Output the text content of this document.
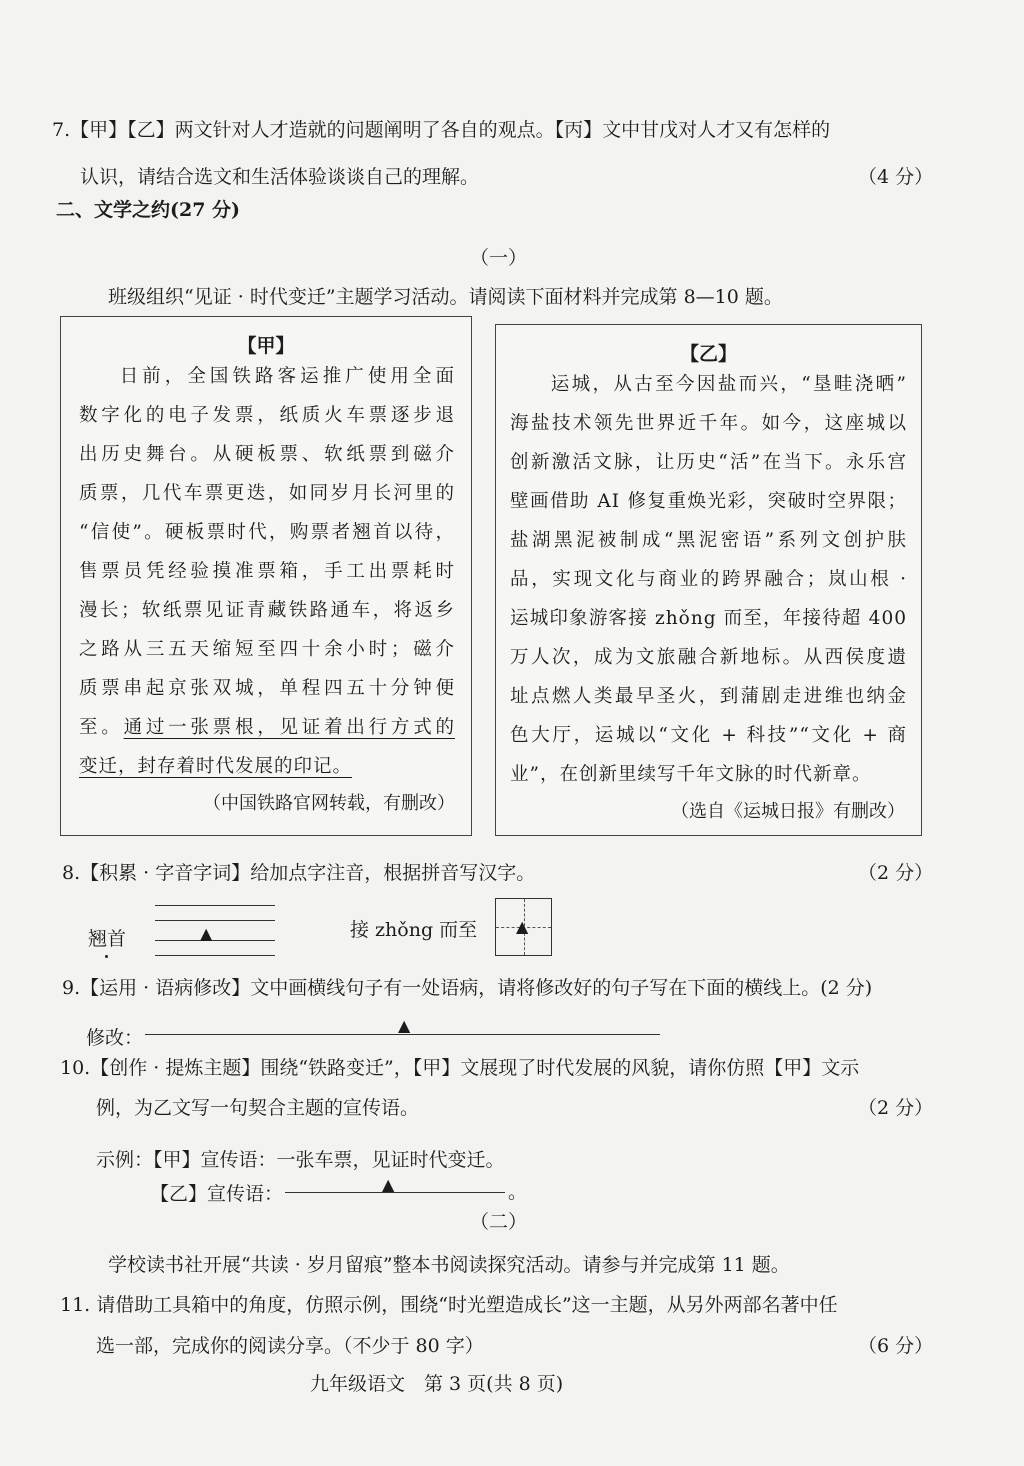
7.【甲】【乙】两文针对人才造就的问题阐明了各自的观点。【丙】文中甘戊对人才又有怎样的
认识，请结合选文和生活体验谈谈自己的理解。	（4 分）
二、文学之约(27 分)
（一）
班级组织“见证 · 时代变迁”主题学习活动。请阅读下面材料并完成第 8—10 题。
【甲】
日前，全国铁路客运推广使用全面
数字化的电子发票，纸质火车票逐步退
出历史舞台。从硬板票、软纸票到磁介
质票，几代车票更迭，如同岁月长河里的
“信使”。硬板票时代，购票者翘首以待，
售票员凭经验摸准票箱，手工出票耗时
漫长；软纸票见证青藏铁路通车，将返乡
之路从三五天缩短至四十余小时；磁介
质票串起京张双城，单程四五十分钟便
至。通过一张票根，见证着出行方式的
变迁，封存着时代发展的印记。
（中国铁路官网转载，有删改）
【乙】
运城，从古至今因盐而兴，“垦畦浇晒”
海盐技术领先世界近千年。如今，这座城以
创新激活文脉，让历史“活”在当下。永乐宫
壁画借助 AI 修复重焕光彩，突破时空界限；
盐湖黑泥被制成“黑泥密语”系列文创护肤
品，实现文化与商业的跨界融合；岚山根 ·
运城印象游客接 zhǒng 而至，年接待超 400
万人次，成为文旅融合新地标。从西侯度遗
址点燃人类最早圣火，到蒲剧走进维也纳金
色大厅，运城以“文化 + 科技”“文化 + 商
业”，在创新里续写千年文脉的时代新章。
（选自《运城日报》有删改）
8.【积累 · 字音字词】给加点字注音，根据拼音写汉字。	（2 分）
翘首	▲	接 zhǒng 而至 ▲
9.【运用 · 语病修改】文中画横线句子有一处语病，请将修改好的句子写在下面的横线上。(2 分)
修改：
▲
10.【创作 · 提炼主题】围绕“铁路变迁”，【甲】文展现了时代发展的风貌，请你仿照【甲】文示
例，为乙文写一句契合主题的宣传语。	（2 分）
示例：【甲】宣传语：一张车票，见证时代变迁。
【乙】宣传语：	。
▲
（二）
学校读书社开展“共读 · 岁月留痕”整本书阅读探究活动。请参与并完成第 11 题。
11. 请借助工具箱中的角度，仿照示例，围绕“时光塑造成长”这一主题，从另外两部名著中任
选一部，完成你的阅读分享。（不少于 80 字）	（6 分）
九年级语文　第 3 页(共 8 页)
